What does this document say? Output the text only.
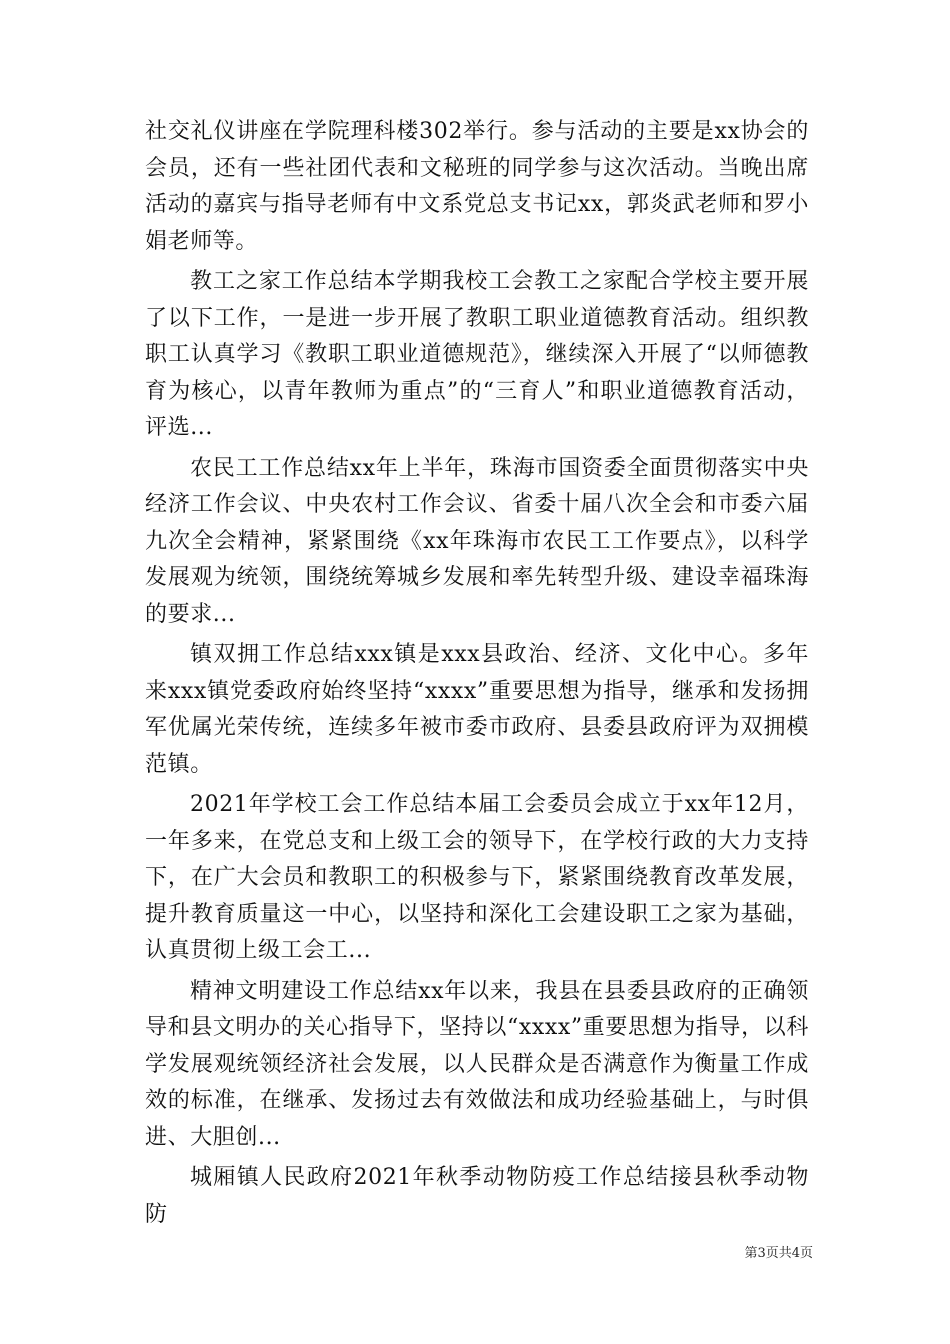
社交礼仪讲座在学院理科楼302举行。参与活动的主要是xx协会的会员，还有一些社团代表和文秘班的同学参与这次活动。当晚出席活动的嘉宾与指导老师有中文系党总支书记xx，郭炎武老师和罗小娟老师等。

教工之家工作总结本学期我校工会教工之家配合学校主要开展了以下工作，一是进一步开展了教职工职业道德教育活动。组织教职工认真学习《教职工职业道德规范》，继续深入开展了“以师德教育为核心，以青年教师为重点”的“三育人”和职业道德教育活动，评选...

农民工工作总结xx年上半年，珠海市国资委全面贯彻落实中央经济工作会议、中央农村工作会议、省委十届八次全会和市委六届九次全会精神，紧紧围绕《xx年珠海市农民工工作要点》，以科学发展观为统领，围绕统筹城乡发展和率先转型升级、建设幸福珠海的要求...

镇双拥工作总结xxx镇是xxx县政治、经济、文化中心。多年来xxx镇党委政府始终坚持“xxxx”重要思想为指导，继承和发扬拥军优属光荣传统，连续多年被市委市政府、县委县政府评为双拥模范镇。

2021年学校工会工作总结本届工会委员会成立于xx年12月，一年多来，在党总支和上级工会的领导下，在学校行政的大力支持下，在广大会员和教职工的积极参与下，紧紧围绕教育改革发展，提升教育质量这一中心，以坚持和深化工会建设职工之家为基础，认真贯彻上级工会工...

精神文明建设工作总结xx年以来，我县在县委县政府的正确领导和县文明办的关心指导下，坚持以“xxxx”重要思想为指导，以科学发展观统领经济社会发展，以人民群众是否满意作为衡量工作成效的标准，在继承、发扬过去有效做法和成功经验基础上，与时俱进、大胆创...

城厢镇人民政府2021年秋季动物防疫工作总结接县秋季动物防

第3页共4页
